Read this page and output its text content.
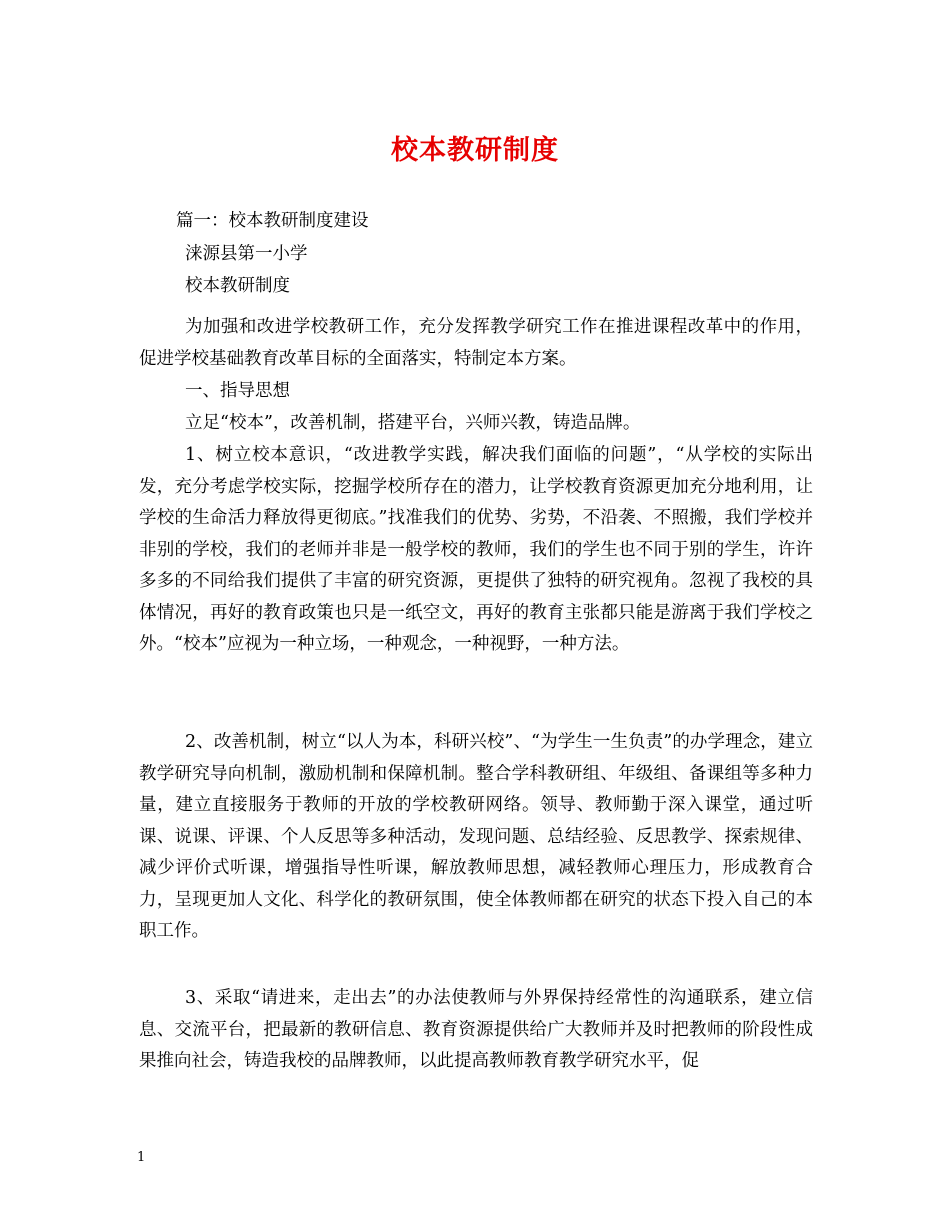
校本教研制度

篇一：校本教研制度建设

涞源县第一小学

校本教研制度

为加强和改进学校教研工作，充分发挥教学研究工作在推进课程改革中的作用，促进学校基础教育改革目标的全面落实，特制定本方案。

一、指导思想

立足“校本”，改善机制，搭建平台，兴师兴教，铸造品牌。

1、树立校本意识，“改进教学实践，解决我们面临的问题”，“从学校的实际出发，充分考虑学校实际，挖掘学校所存在的潜力，让学校教育资源更加充分地利用，让学校的生命活力释放得更彻底。”找准我们的优势、劣势，不沿袭、不照搬，我们学校并非别的学校，我们的老师并非是一般学校的教师，我们的学生也不同于别的学生，许许多多的不同给我们提供了丰富的研究资源，更提供了独特的研究视角。忽视了我校的具体情况，再好的教育政策也只是一纸空文，再好的教育主张都只能是游离于我们学校之外。“校本”应视为一种立场，一种观念，一种视野，一种方法。

2、改善机制，树立“以人为本，科研兴校”、“为学生一生负责”的办学理念，建立教学研究导向机制，激励机制和保障机制。整合学科教研组、年级组、备课组等多种力量，建立直接服务于教师的开放的学校教研网络。领导、教师勤于深入课堂，通过听课、说课、评课、个人反思等多种活动，发现问题、总结经验、反思教学、探索规律、减少评价式听课，增强指导性听课，解放教师思想，减轻教师心理压力，形成教育合力，呈现更加人文化、科学化的教研氛围，使全体教师都在研究的状态下投入自己的本职工作。

3、采取“请进来，走出去”的办法使教师与外界保持经常性的沟通联系，建立信息、交流平台，把最新的教研信息、教育资源提供给广大教师并及时把教师的阶段性成果推向社会，铸造我校的品牌教师，以此提高教师教育教学研究水平，促

1
